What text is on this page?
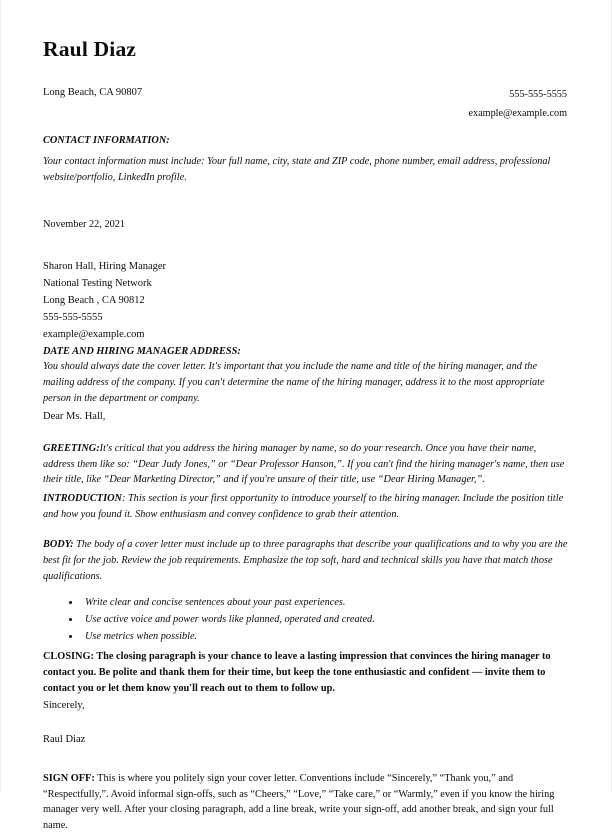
Raul Diaz

Long Beach, CA 90807	555-555-5555
example@example.com
CONTACT INFORMATION:
Your contact information must include: Your full name, city, state and ZIP code, phone number, email address, professional website/portfolio, LinkedIn profile.
November 22, 2021
Sharon Hall, Hiring Manager
National Testing Network
Long Beach , CA 90812
555-555-5555
example@example.com
DATE AND HIRING MANAGER ADDRESS:
You should always date the cover letter. It's important that you include the name and title of the hiring manager, and the mailing address of the company. If you can't determine the name of the hiring manager, address it to the most appropriate person in the department or company.
Dear Ms. Hall,
GREETING:It's critical that you address the hiring manager by name, so do your research. Once you have their name, address them like so: “Dear Judy Jones,” or “Dear Professor Hanson,”. If you can't find the hiring manager's name, then use their title, like “Dear Marketing Director,” and if you're unsure of their title, use “Dear Hiring Manager,”.
INTRODUCTION: This section is your first opportunity to introduce yourself to the hiring manager. Include the position title and how you found it. Show enthusiasm and convey confidence to grab their attention.
BODY: The body of a cover letter must include up to three paragraphs that describe your qualifications and to why you are the best fit for the job. Review the job requirements. Emphasize the top soft, hard and technical skills you have that match those qualifications.
• Write clear and concise sentences about your past experiences.
• Use active voice and power words like planned, operated and created.
• Use metrics when possible.
CLOSING: The closing paragraph is your chance to leave a lasting impression that convinces the hiring manager to contact you. Be polite and thank them for their time, but keep the tone enthusiastic and confident — invite them to contact you or let them know you'll reach out to them to follow up.
Sincerely,
Raul Diaz
SIGN OFF: This is where you politely sign your cover letter. Conventions include “Sincerely,” “Thank you,” and “Respectfully,”. Avoid informal sign-offs, such as “Cheers,” “Love,” “Take care,” or “Warmly,” even if you know the hiring manager very well. After your closing paragraph, add a line break, write your sign-off, add another break, and sign your full name.
